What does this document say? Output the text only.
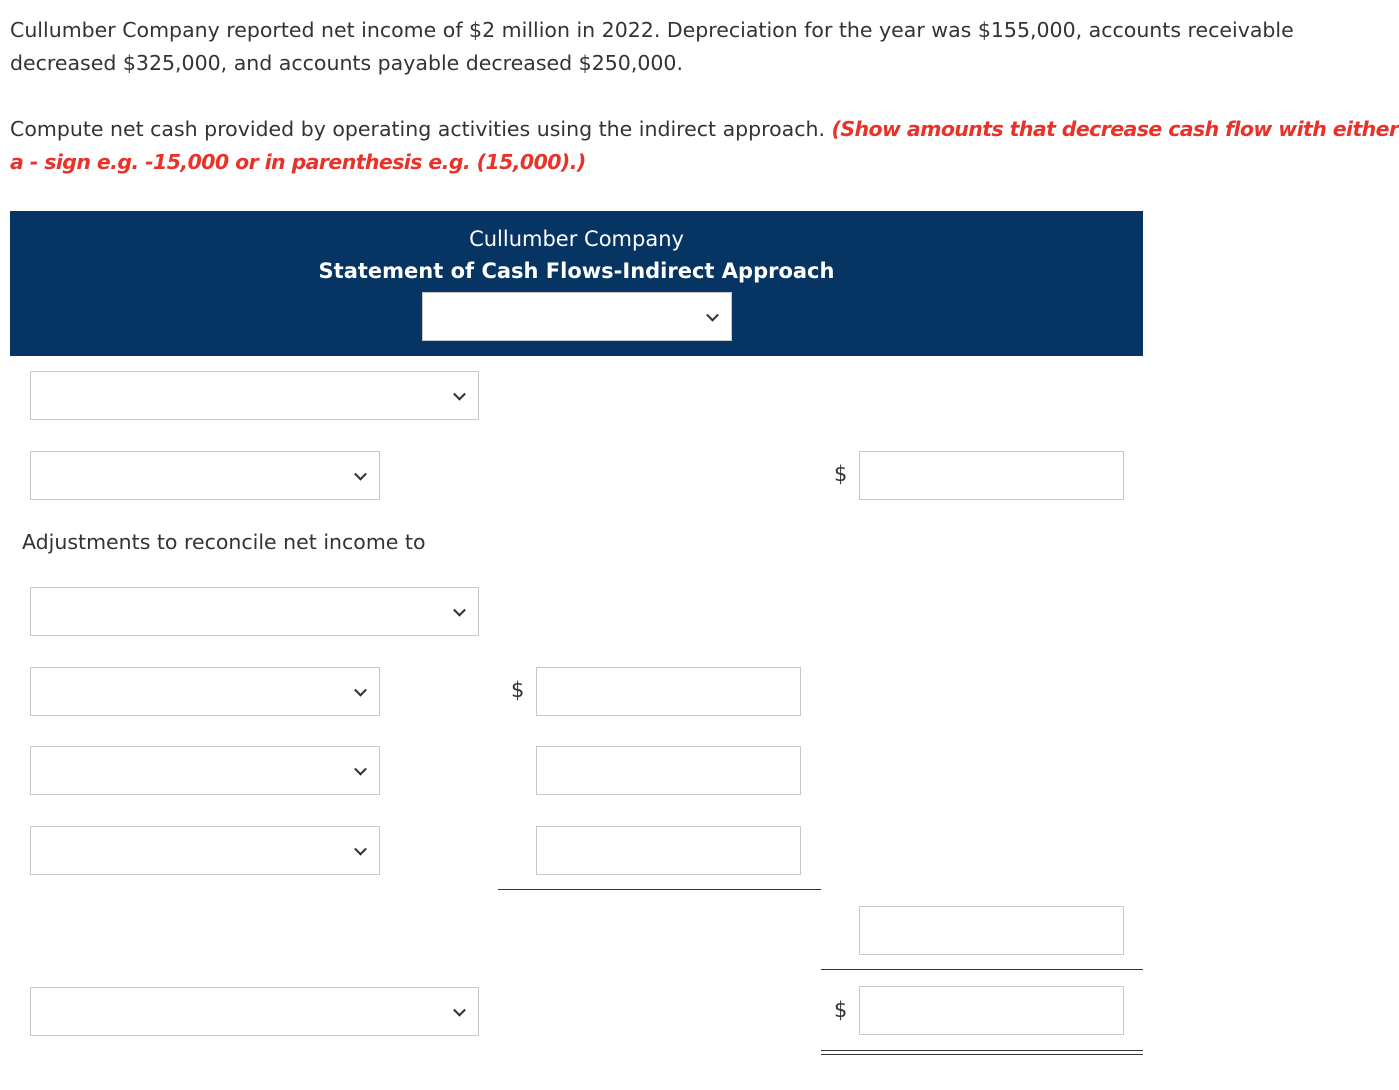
Cullumber Company reported net income of $2 million in 2022. Depreciation for the year was $155,000, accounts receivable decreased $325,000, and accounts payable decreased $250,000.

Compute net cash provided by operating activities using the indirect approach. (Show amounts that decrease cash flow with either a - sign e.g. -15,000 or in parenthesis e.g. (15,000).)

Cullumber Company
Statement of Cash Flows-Indirect Approach
$
Adjustments to reconcile net income to
$
$
